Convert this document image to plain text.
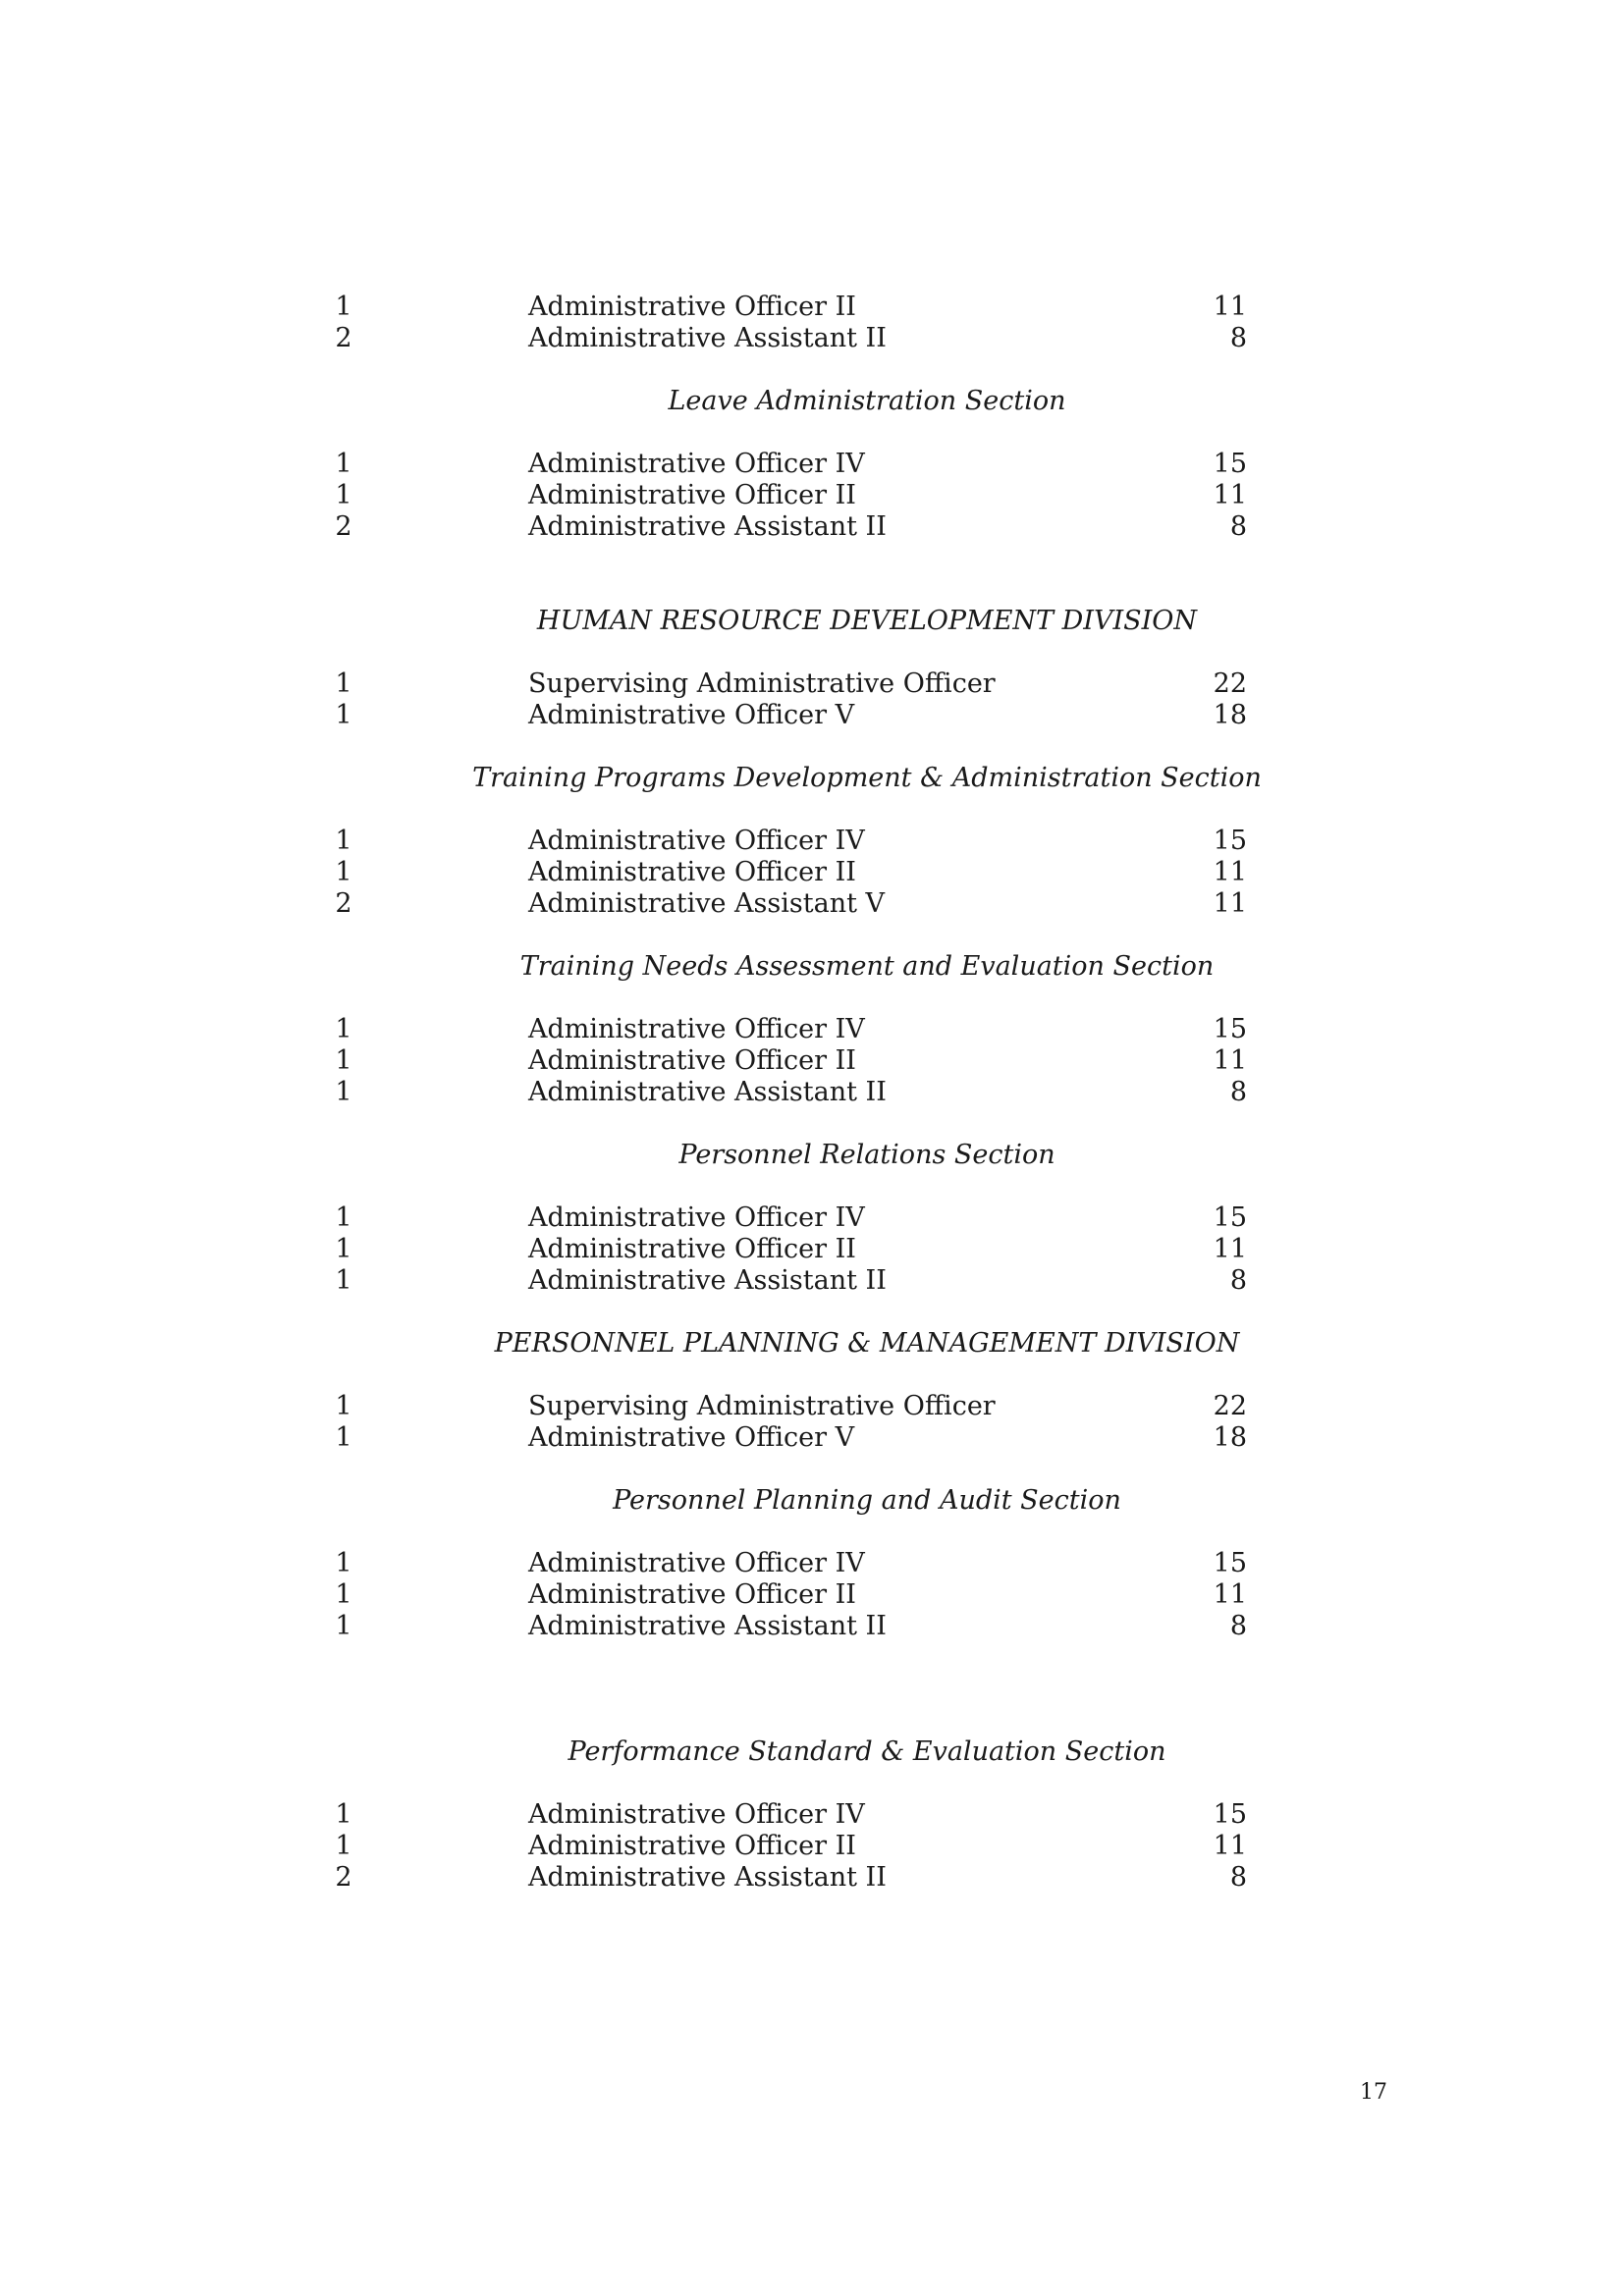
1	Administrative Officer II	11
2	Administrative Assistant II	8
Leave Administration Section
1	Administrative Officer IV	15
1	Administrative Officer II	11
2	Administrative Assistant II	8
HUMAN RESOURCE DEVELOPMENT DIVISION
1	Supervising Administrative Officer	22
1	Administrative Officer V	18
Training Programs Development & Administration Section
1	Administrative Officer IV	15
1	Administrative Officer II	11
2	Administrative Assistant V	11
Training Needs Assessment and Evaluation Section
1	Administrative Officer IV	15
1	Administrative Officer II	11
1	Administrative Assistant II	8
Personnel Relations Section
1	Administrative Officer IV	15
1	Administrative Officer II	11
1	Administrative Assistant II	8
PERSONNEL PLANNING & MANAGEMENT DIVISION
1	Supervising Administrative Officer	22
1	Administrative Officer V	18
Personnel Planning and Audit Section
1	Administrative Officer IV	15
1	Administrative Officer II	11
1	Administrative Assistant II	8
Performance Standard & Evaluation Section
1	Administrative Officer IV	15
1	Administrative Officer II	11
2	Administrative Assistant II	8
17
